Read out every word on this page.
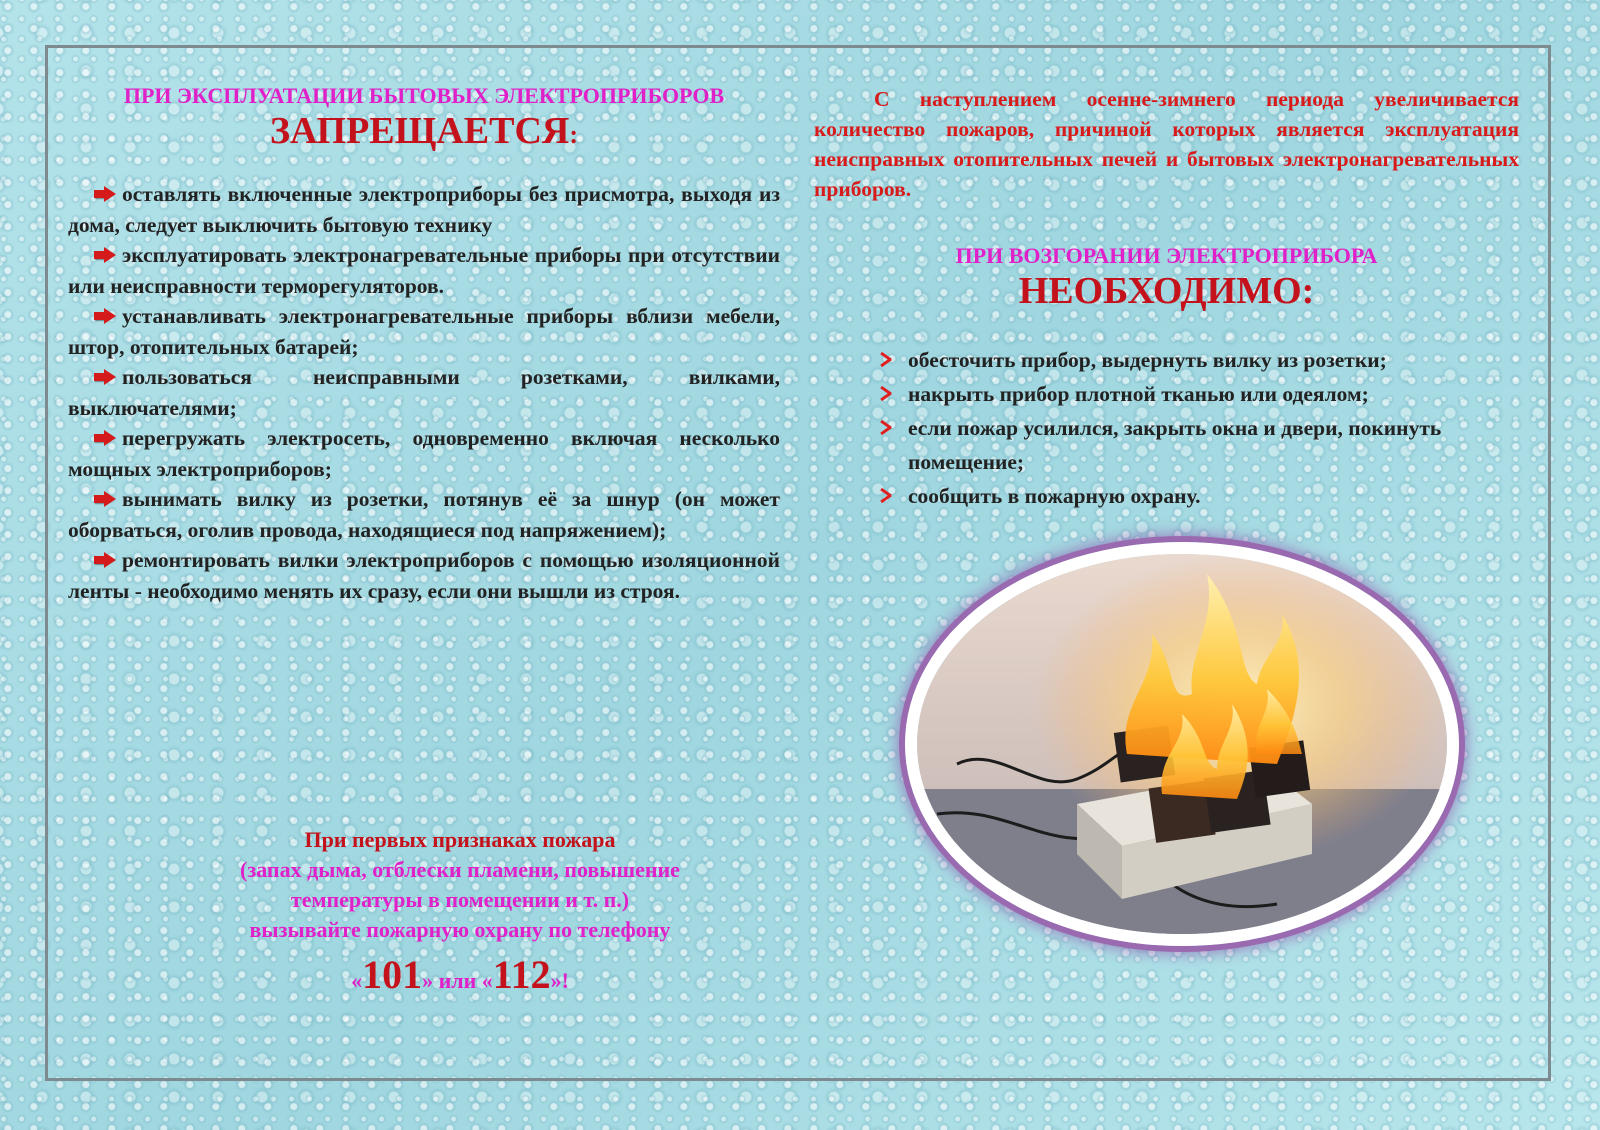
ПРИ ЭКСПЛУАТАЦИИ БЫТОВЫХ ЭЛЕКТРОПРИБОРОВ

ЗАПРЕЩАЕТСЯ:

оставлять включенные электроприборы без присмотра, выходя из дома, следует выключить бытовую технику
эксплуатировать электронагревательные приборы при отсутствии или неисправности терморегуляторов.
устанавливать электронагревательные приборы вблизи мебели, штор, отопительных батарей;
пользоваться неисправными розетками, вилками, выключателями;
перегружать электросеть, одновременно включая несколько мощных электроприборов;
вынимать вилку из розетки, потянув её за шнур (он может оборваться, оголив провода, находящиеся под напряжением);
ремонтировать вилки электроприборов с помощью изоляционной ленты - необходимо менять их сразу, если они вышли из строя.

При первых признаках пожара

(запах дыма, отблески пламени, повышение

температуры в помещении и т. п.)

вызывайте пожарную охрану по телефону

«101» или «112»!

С наступлением осенне-зимнего периода увеличивается количество пожаров, причиной которых является эксплуатация неисправных отопительных печей и бытовых электронагревательных приборов.

ПРИ ВОЗГОРАНИИ ЭЛЕКТРОПРИБОРА

НЕОБХОДИМО:

обесточить прибор, выдернуть вилку из розетки;
накрыть прибор плотной тканью или одеялом;
если пожар усилился, закрыть окна и двери, покинуть помещение;
сообщить в пожарную охрану.
